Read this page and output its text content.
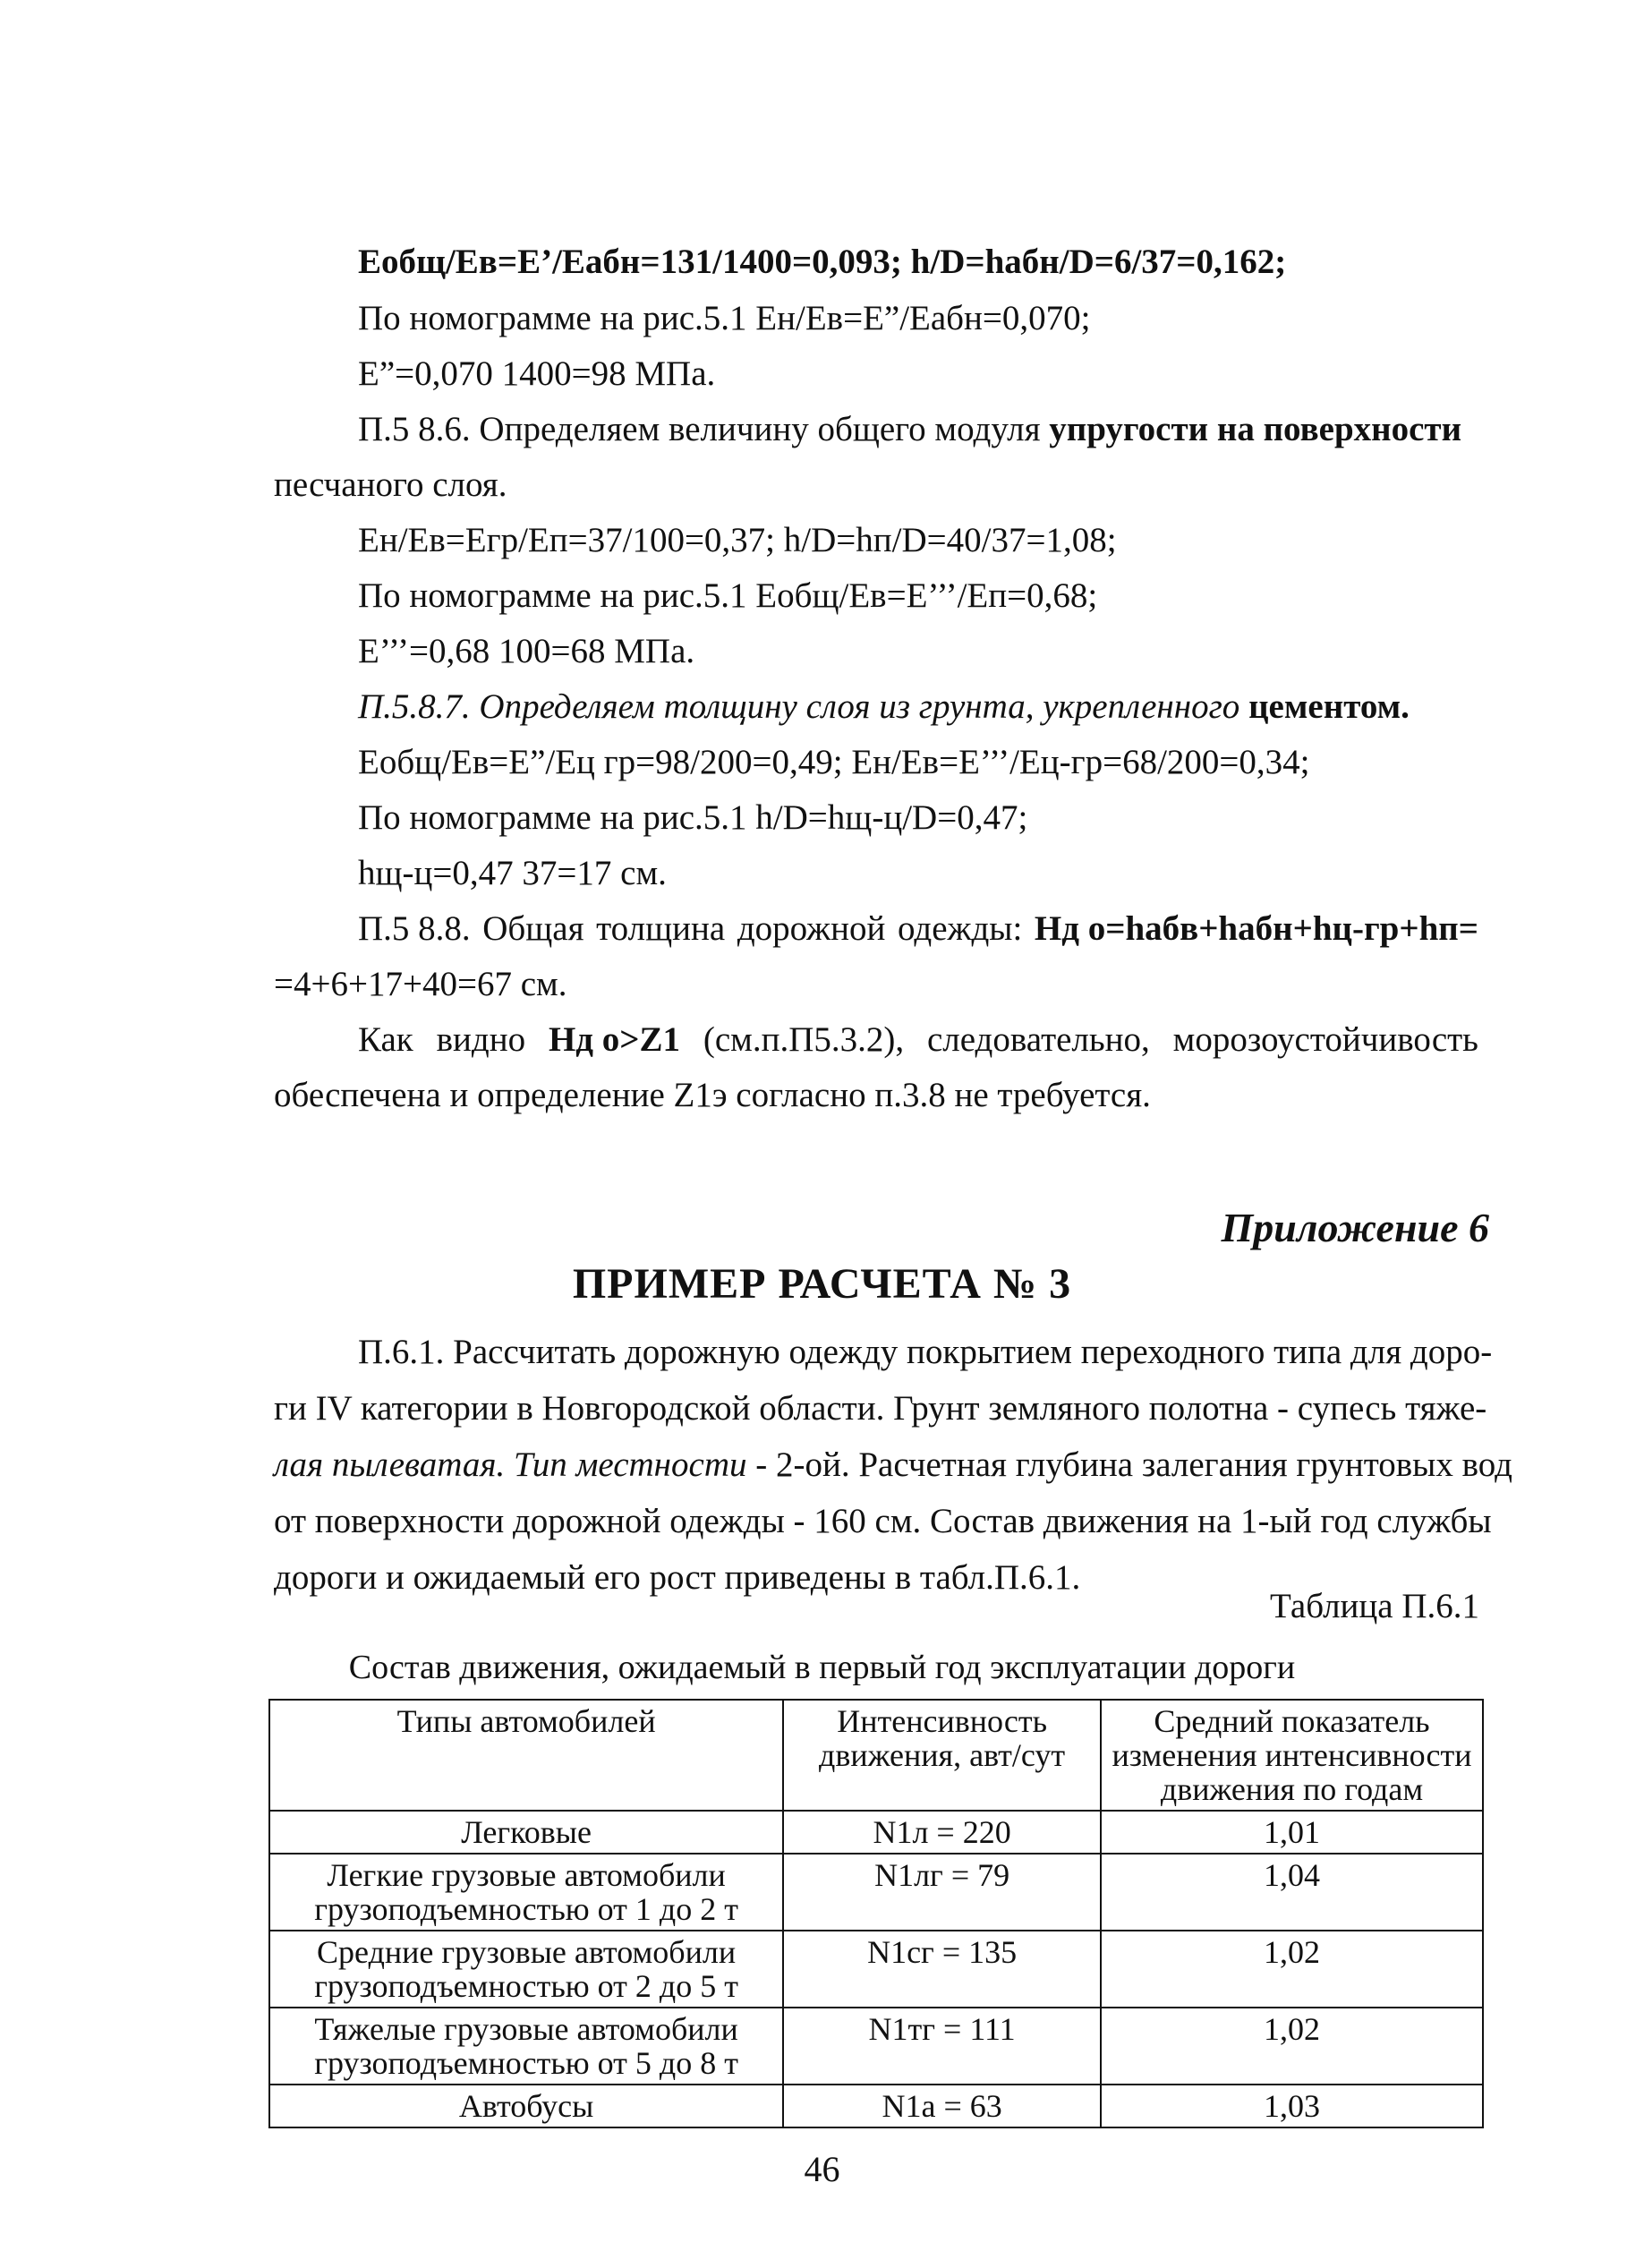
Eобщ/Eв=E’/Eабн=131/1400=0,093; h/D=hабн/D=6/37=0,162;
По номограмме на рис.5.1 Eн/Eв=E”/Eабн=0,070;
E”=0,070 1400=98 МПа.
П.5 8.6. Определяем величину общего модуля упругости на поверхности
песчаного слоя.
Eн/Eв=Eгр/Eп=37/100=0,37; h/D=hп/D=40/37=1,08;
По номограмме на рис.5.1 Eобщ/Eв=E’’’/Eп=0,68;
E’’’=0,68 100=68 МПа.
П.5.8.7. Определяем толщину слоя из грунта, укрепленного цементом.
Eобщ/Eв=E”/Eц гр=98/200=0,49; Eн/Eв=E’’’/Eц-гр=68/200=0,34;
По номограмме на рис.5.1 h/D=hщ-ц/D=0,47;
hщ-ц=0,47 37=17 см.
П.5 8.8. Общая толщина дорожной одежды: Hд о=hабв+hабн+hц-гр+hп=
=4+6+17+40=67 см.
Как видно Hд о>Z1 (см.п.П5.3.2), следовательно, морозоустойчивость
обеспечена и определение Z1э согласно п.3.8 не требуется.
Приложение 6
ПРИМЕР РАСЧЕТА № 3
П.6.1. Рассчитать дорожную одежду покрытием переходного типа для доро-
ги IV категории в Новгородской области. Грунт земляного полотна - супесь тяже-
лая пылеватая. Тип местности - 2-ой. Расчетная глубина залегания грунтовых вод
от поверхности дорожной одежды - 160 см. Состав движения на 1-ый год службы
дороги и ожидаемый его рост приведены в табл.П.6.1.
Таблица П.6.1
Состав движения, ожидаемый в первый год эксплуатации дороги
Типы автомобилей	Интенсивность движения, авт/сут	Средний показатель изменения интенсивности движения по годам
Легковые	N1л = 220	1,01
Легкие грузовые автомобили грузоподъемностью от 1 до 2 т	N1лг = 79	1,04
Средние грузовые автомобили грузоподъемностью от 2 до 5 т	N1сг = 135	1,02
Тяжелые грузовые автомобили грузоподъемностью от 5 до 8 т	N1тг = 111	1,02
Автобусы	N1а = 63	1,03
46
